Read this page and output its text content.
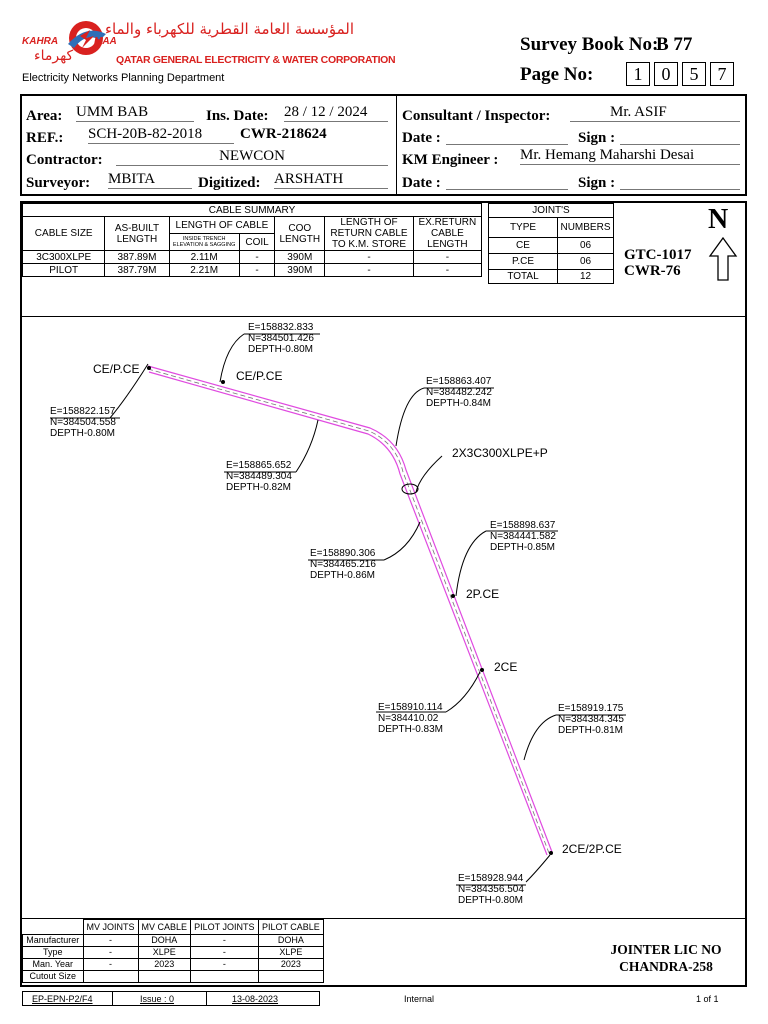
KAHRA	MAA
المؤسسة العامة القطرية للكهرباء والماء
كهرماء	QATAR GENERAL ELECTRICITY & WATER CORPORATION
Electricity Networks Planning Department
Survey Book No:
B 77
Page No:	1 0 5 7
Area: UMM BAB	Ins. Date: 28 / 12 / 2024
REF.: SCH-20B-82-2018	CWR-218624
Contractor:	NEWCON
Surveyor: MBITA	Digitized: ARSHATH
Consultant / Inspector:	Mr. ASIF
Date :	Sign :
KM Engineer : Mr. Hemang Maharshi Desai
Date :	Sign :
CABLE SUMMARY						
CABLE SIZE	AS-BUILT LENGTH	LENGTH OF CABLE		COO LENGTH	LENGTH OF RETURN CABLE TO K.M. STORE	EX.RETURN CABLE LENGTH
		INSIDE TRENCH ELEVATION & SAGGING	COIL			
3C300XLPE	387.89M	2.11M	-	390M	-	-
PILOT	387.79M	2.21M	-	390M	-	-
JOINT'S	
TYPE	NUMBERS
CE	06
P.CE	06
TOTAL	12
N
GTC-1017
CWR-76
CE/P.CE	CE/P.CE
2P.CE
2CE
2CE/2P.CE
2X3C300XLPE+P
E=158832.833
N=384501.426
DEPTH-0.80M
E=158822.157
N=384504.558
DEPTH-0.80M
E=158863.407
N=384482.242
DEPTH-0.84M
E=158865.652
N=384489.304
DEPTH-0.82M
E=158898.637
N=384441.582
DEPTH-0.85M
E=158890.306
N=384465.216
DEPTH-0.86M
E=158910.114
N=384410.02
DEPTH-0.83M
E=158919.175
N=384384.345
DEPTH-0.81M
E=158928.944
N=384356.504
DEPTH-0.80M
	MV JOINTS	MV CABLE	PILOT JOINTS	PILOT CABLE
Manufacturer	-	DOHA	-	DOHA
Type	-	XLPE	-	XLPE
Man. Year	-	2023	-	2023
Cutout Size				
JOINTER LIC NO
CHANDRA-258
EP-EPN-P2/F4	Issue : 0	13-08-2023	Internal	1 of 1
